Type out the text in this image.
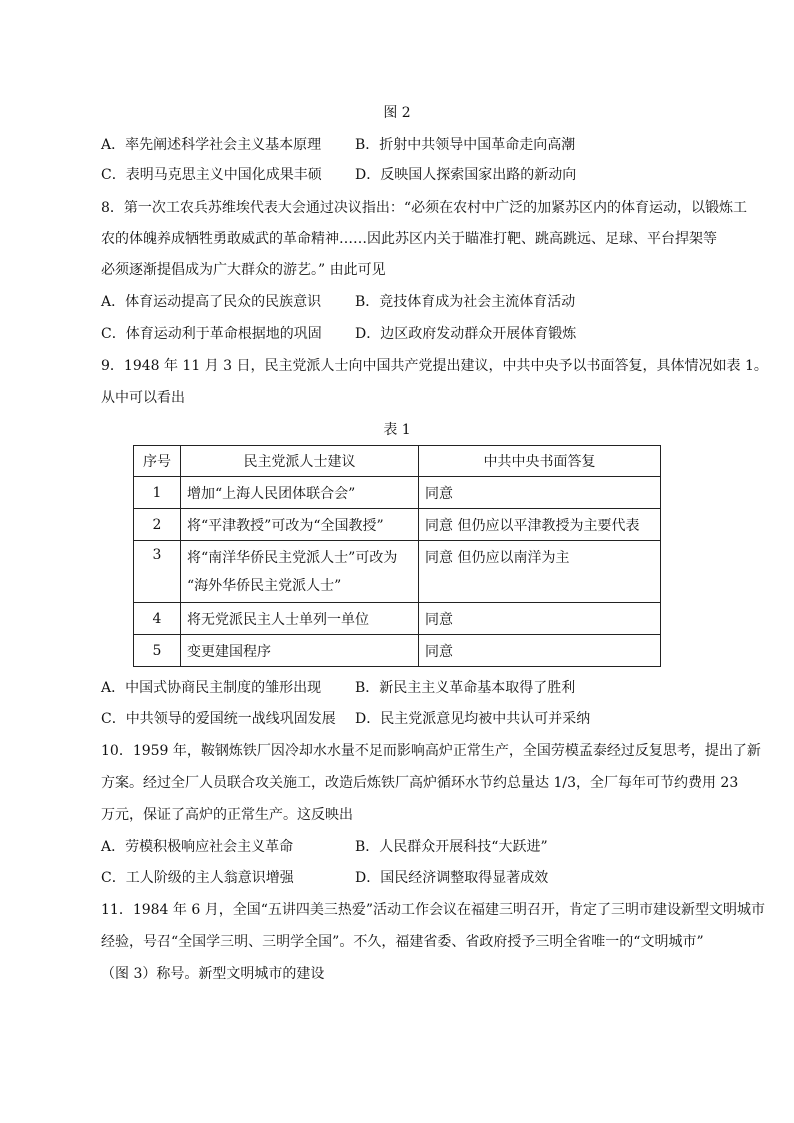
图 2
A．率先阐述科学社会主义基本原理 B．折射中共领导中国革命走向高潮
C．表明马克思主义中国化成果丰硕 D．反映国人探索国家出路的新动向
8．第一次工农兵苏维埃代表大会通过决议指出：“必须在农村中广泛的加紧苏区内的体育运动，以锻炼工
农的体魄养成牺牲勇敢威武的革命精神……因此苏区内关于瞄准打靶、跳高跳远、足球、平台捍架等
必须逐渐提倡成为广大群众的游艺。” 由此可见
A．体育运动提高了民众的民族意识 B．竞技体育成为社会主流体育活动
C．体育运动利于革命根据地的巩固 D．边区政府发动群众开展体育锻炼
9．1948 年 11 月 3 日，民主党派人士向中国共产党提出建议，中共中央予以书面答复，具体情况如表 1。
从中可以看出
表 1
序号	民主党派人士建议	中共中央书面答复
1	增加“上海人民团体联合会”	同意
2	将“平津教授”可改为“全国教授”	同意 但仍应以平津教授为主要代表
3	将“南洋华侨民主党派人士”可改为
“海外华侨民主党派人士”	同意 但仍应以南洋为主
4	将无党派民主人士单列一单位	同意
5	变更建国程序	同意
A．中国式协商民主制度的雏形出现 B．新民主主义革命基本取得了胜利
C．中共领导的爱国统一战线巩固发展 D．民主党派意见均被中共认可并采纳
10．1959 年，鞍钢炼铁厂因冷却水水量不足而影响高炉正常生产，全国劳模孟泰经过反复思考，提出了新
方案。经过全厂人员联合攻关施工，改造后炼铁厂高炉循环水节约总量达 1/3，全厂每年可节约费用 23
万元，保证了高炉的正常生产。这反映出
A．劳模积极响应社会主义革命	B．人民群众开展科技“大跃进”
C．工人阶级的主人翁意识增强	D．国民经济调整取得显著成效
11．1984 年 6 月，全国“五讲四美三热爱”活动工作会议在福建三明召开，肯定了三明市建设新型文明城市
经验，号召“全国学三明、三明学全国”。不久，福建省委、省政府授予三明全省唯一的“文明城市”
（图 3）称号。新型文明城市的建设
